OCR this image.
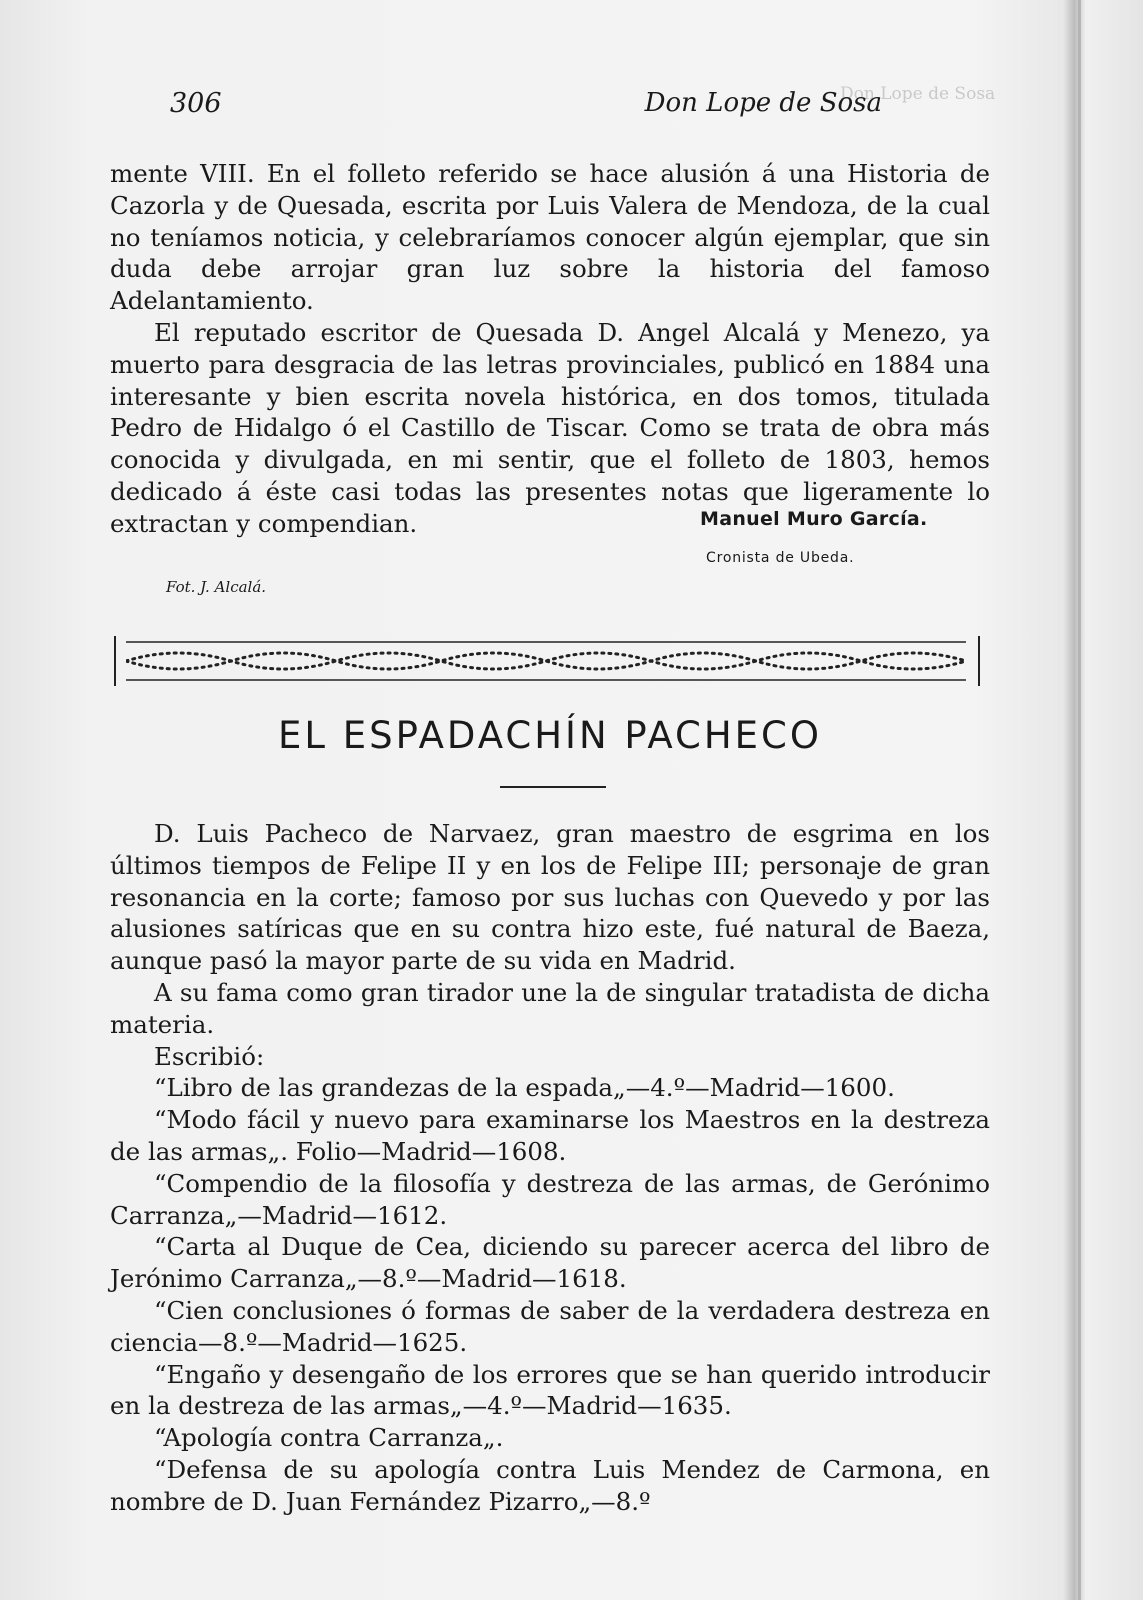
Don Lope de Sosa
306	Don Lope de Sosa

mente VIII. En el folleto referido se hace alusión á una Historia de Cazorla y de Quesada, escrita por Luis Valera de Mendoza, de la cual no teníamos noticia, y celebraríamos conocer algún ejemplar, que sin duda debe arrojar gran luz sobre la historia del famoso Adelantamiento.

El reputado escritor de Quesada D. Angel Alcalá y Menezo, ya muerto para desgracia de las letras provinciales, publicó en 1884 una interesante y bien escrita novela histórica, en dos tomos, titulada Pedro de Hidalgo ó el Castillo de Tiscar. Como se trata de obra más conocida y divulgada, en mi sentir, que el folleto de 1803, hemos dedicado á éste casi todas las presentes notas que ligeramente lo extractan y compendian.	Manuel Muro García.
Cronista de Ubeda.
Fot. J. Alcalá.
EL ESPADACHÍN PACHECO

D. Luis Pacheco de Narvaez, gran maestro de esgrima en los últimos tiempos de Felipe II y en los de Felipe III; personaje de gran resonancia en la corte; famoso por sus luchas con Quevedo y por las alusiones satíricas que en su contra hizo este, fué natural de Baeza, aunque pasó la mayor parte de su vida en Madrid.

A su fama como gran tirador une la de singular tratadista de dicha materia.

Escribió:

“Libro de las grandezas de la espada„—4.º—Madrid—1600.

“Modo fácil y nuevo para examinarse los Maestros en la destreza de las armas„. Folio—Madrid—1608.

“Compendio de la filosofía y destreza de las armas, de Gerónimo Carranza„—Madrid—1612.

“Carta al Duque de Cea, diciendo su parecer acerca del libro de Jerónimo Carranza„—8.º—Madrid—1618.

“Cien conclusiones ó formas de saber de la verdadera destreza en ciencia—8.º—Madrid—1625.

“Engaño y desengaño de los errores que se han querido introducir en la destreza de las armas„—4.º—Madrid—1635.

“Apología contra Carranza„.

“Defensa de su apología contra Luis Mendez de Carmona, en nombre de D. Juan Fernández Pizarro„—8.º
